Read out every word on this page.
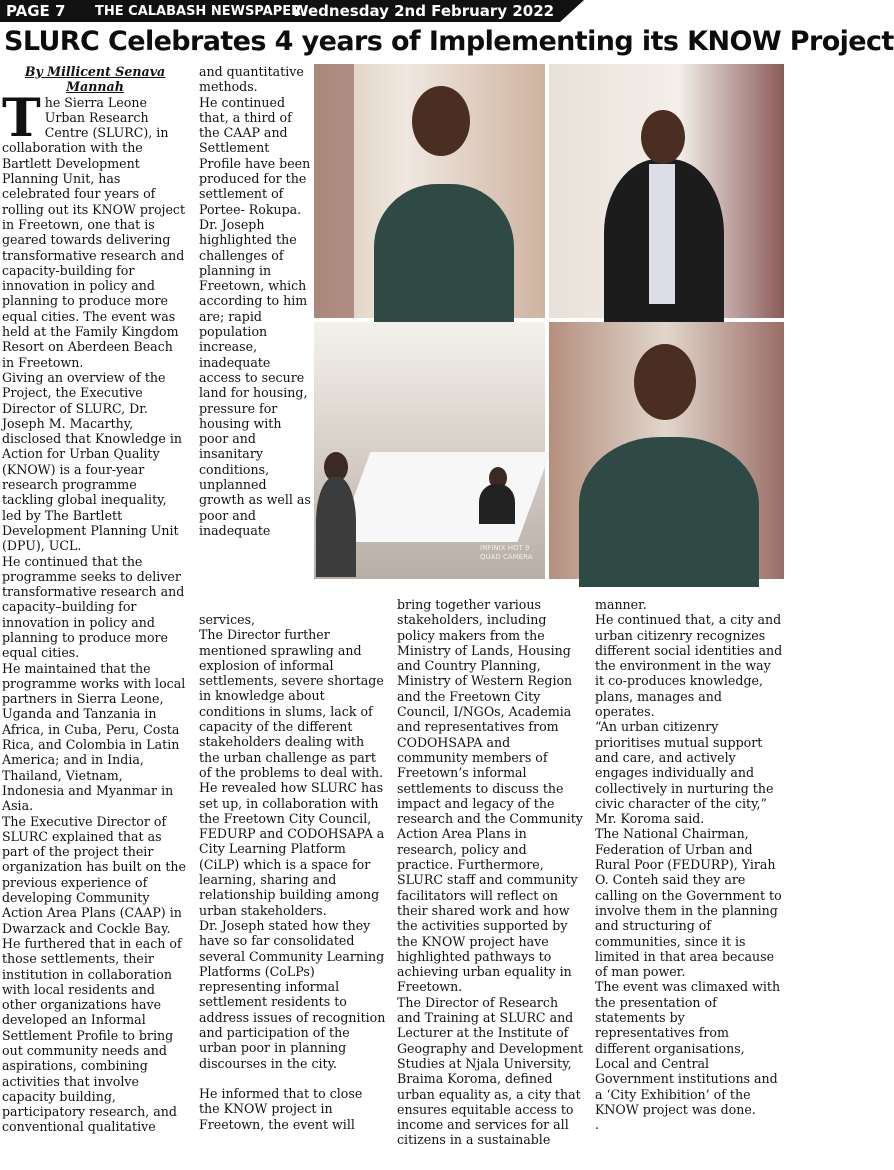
PAGE 7 THE CALABASH NEWSPAPER
Wednesday 2nd February 2022
SLURC Celebrates 4 years of Implementing its KNOW Project

By Millicent Senava Mannah

T he Sierra Leone Urban Research Centre (SLURC), in collaboration with the Bartlett Development Planning Unit, has celebrated four years of rolling out its KNOW project in Freetown, one that is geared towards delivering transformative research and capacity-building for innovation in policy and planning to produce more equal cities. The event was held at the Family Kingdom Resort on Aberdeen Beach in Freetown.

Giving an overview of the Project, the Executive Director of SLURC, Dr. Joseph M. Macarthy, disclosed that Knowledge in Action for Urban Quality (KNOW) is a four-year research programme tackling global inequality, led by The Bartlett Development Planning Unit (DPU), UCL.

He continued that the programme seeks to deliver transformative research and capacity–building for innovation in policy and planning to produce more equal cities.

He maintained that the programme works with local partners in Sierra Leone, Uganda and Tanzania in Africa, in Cuba, Peru, Costa Rica, and Colombia in Latin America; and in India, Thailand, Vietnam, Indonesia and Myanmar in Asia.

The Executive Director of SLURC explained that as part of the project their organization has built on the previous experience of developing Community Action Area Plans (CAAP) in Dwarzack and Cockle Bay. He furthered that in each of those settlements, their institution in collaboration with local residents and other organizations have developed an Informal Settlement Profile to bring out community needs and aspirations, combining activities that involve capacity building, participatory research, and conventional qualitative

and quantitative methods.

He continued that, a third of the CAAP and Settlement Profile have been produced for the settlement of Portee- Rokupa. Dr. Joseph highlighted the challenges of planning in Freetown, which according to him are; rapid population increase, inadequate access to secure land for housing, pressure for housing with poor and insanitary conditions, unplanned growth as well as poor and inadequate

services,

The Director further mentioned sprawling and explosion of informal settlements, severe shortage in knowledge about conditions in slums, lack of capacity of the different stakeholders dealing with the urban challenge as part of the problems to deal with.

He revealed how SLURC has set up, in collaboration with the Freetown City Council, FEDURP and CODOHSAPA a City Learning Platform (CiLP) which is a space for learning, sharing and relationship building among urban stakeholders.

Dr. Joseph stated how they have so far consolidated several Community Learning Platforms (CoLPs) representing informal settlement residents to address issues of recognition and participation of the urban poor in planning discourses in the city.

He informed that to close the KNOW project in Freetown, the event will

bring together various stakeholders, including policy makers from the Ministry of Lands, Housing and Country Planning, Ministry of Western Region and the Freetown City Council, I/NGOs, Academia and representatives from CODOHSAPA and community members of Freetown’s informal settlements to discuss the impact and legacy of the research and the Community Action Area Plans in research, policy and practice. Furthermore, SLURC staff and community facilitators will reflect on their shared work and how the activities supported by the KNOW project have highlighted pathways to achieving urban equality in Freetown.

The Director of Research and Training at SLURC and Lecturer at the Institute of Geography and Development Studies at Njala University, Braima Koroma, defined urban equality as, a city that ensures equitable access to income and services for all citizens in a sustainable

manner.

He continued that, a city and urban citizenry recognizes different social identities and the environment in the way it co-produces knowledge, plans, manages and operates.

“An urban citizenry prioritises mutual support and care, and actively engages individually and collectively in nurturing the civic character of the city,” Mr. Koroma said.

The National Chairman, Federation of Urban and Rural Poor (FEDURP), Yirah O. Conteh said they are calling on the Government to involve them in the planning and structuring of communities, since it is limited in that area because of man power.

The event was climaxed with the presentation of statements by representatives from different organisations, Local and Central Government institutions and a ‘City Exhibition’ of the KNOW project was done.

.

INFINIX HOT 9
QUAD CAMERA
